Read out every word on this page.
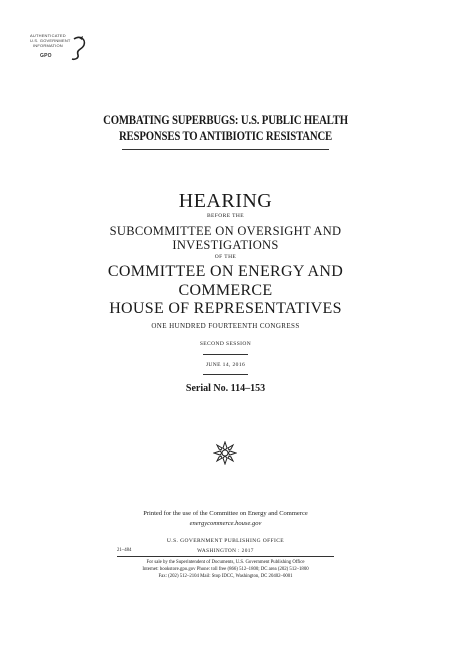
AUTHENTICATED
U.S. GOVERNMENT
INFORMATION
GPO
COMBATING SUPERBUGS: U.S. PUBLIC HEALTH
RESPONSES TO ANTIBIOTIC RESISTANCE
HEARING
BEFORE THE
SUBCOMMITTEE ON OVERSIGHT AND
INVESTIGATIONS
OF THE
COMMITTEE ON ENERGY AND
COMMERCE
HOUSE OF REPRESENTATIVES
ONE HUNDRED FOURTEENTH CONGRESS
SECOND SESSION
JUNE 14, 2016
Serial No. 114–153
Printed for the use of the Committee on Energy and Commerce
energycommerce.house.gov
U.S. GOVERNMENT PUBLISHING OFFICE
21–484	WASHINGTON : 2017
For sale by the Superintendent of Documents, U.S. Government Publishing Office
Internet: bookstore.gpo.gov Phone: toll free (866) 512–1800; DC area (202) 512–1800
Fax: (202) 512–2104 Mail: Stop IDCC, Washington, DC 20402–0001
